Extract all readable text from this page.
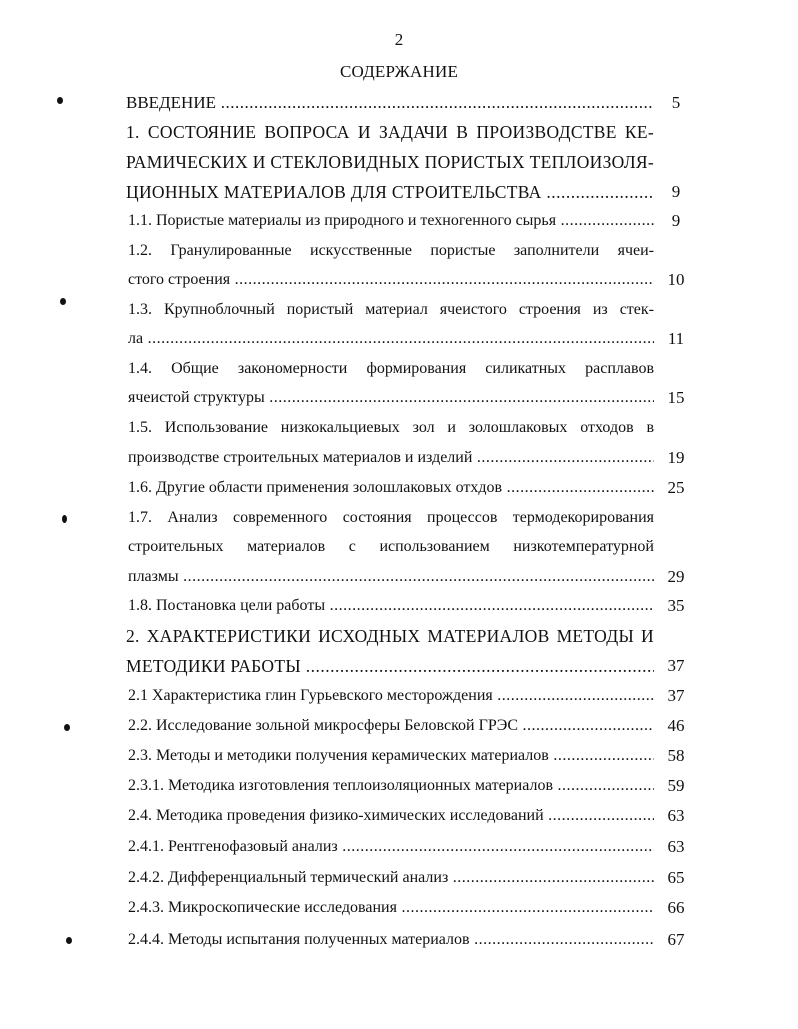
2
СОДЕРЖАНИЕ
ВВЕДЕНИЕ .....	5
1. СОСТОЯНИЕ ВОПРОСА И ЗАДАЧИ В ПРОИЗВОДСТВЕ КЕ-
РАМИЧЕСКИХ И СТЕКЛОВИДНЫХ ПОРИСТЫХ ТЕПЛОИЗОЛЯ-
ЦИОННЫХ МАТЕРИАЛОВ ДЛЯ СТРОИТЕЛЬСТВА .....	9
1.1. Пористые материалы из природного и техногенного сырья .....	9
1.2. Гранулированные искусственные пористые заполнители ячеи-
стого строения .....	10
1.3. Крупноблочный пористый материал ячеистого строения из стек-
ла .....	11
1.4. Общие закономерности формирования силикатных расплавов
ячеистой структуры .....	15
1.5. Использование низкокальциевых зол и золошлаковых отходов в
производстве строительных материалов и изделий .....	19
1.6. Другие области применения золошлаковых отхдов .....	25
1.7. Анализ современного состояния процессов термодекорирования
строительных материалов с использованием низкотемпературной
плазмы .....	29
1.8. Постановка цели работы .....	35
2. ХАРАКТЕРИСТИКИ ИСХОДНЫХ МАТЕРИАЛОВ МЕТОДЫ И
МЕТОДИКИ РАБОТЫ .....	37
2.1 Характеристика глин Гурьевского месторождения .....	37
2.2. Исследование зольной микросферы Беловской ГРЭС .....	46
2.3. Методы и методики получения керамических материалов .....	58
2.3.1. Методика изготовления теплоизоляционных материалов .....	59
2.4. Методика проведения физико-химических исследований .....	63
2.4.1. Рентгенофазовый анализ .....	63
2.4.2. Дифференциальный термический анализ .....	65
2.4.3. Микроскопические исследования .....	66
2.4.4. Методы испытания полученных материалов .....	67
